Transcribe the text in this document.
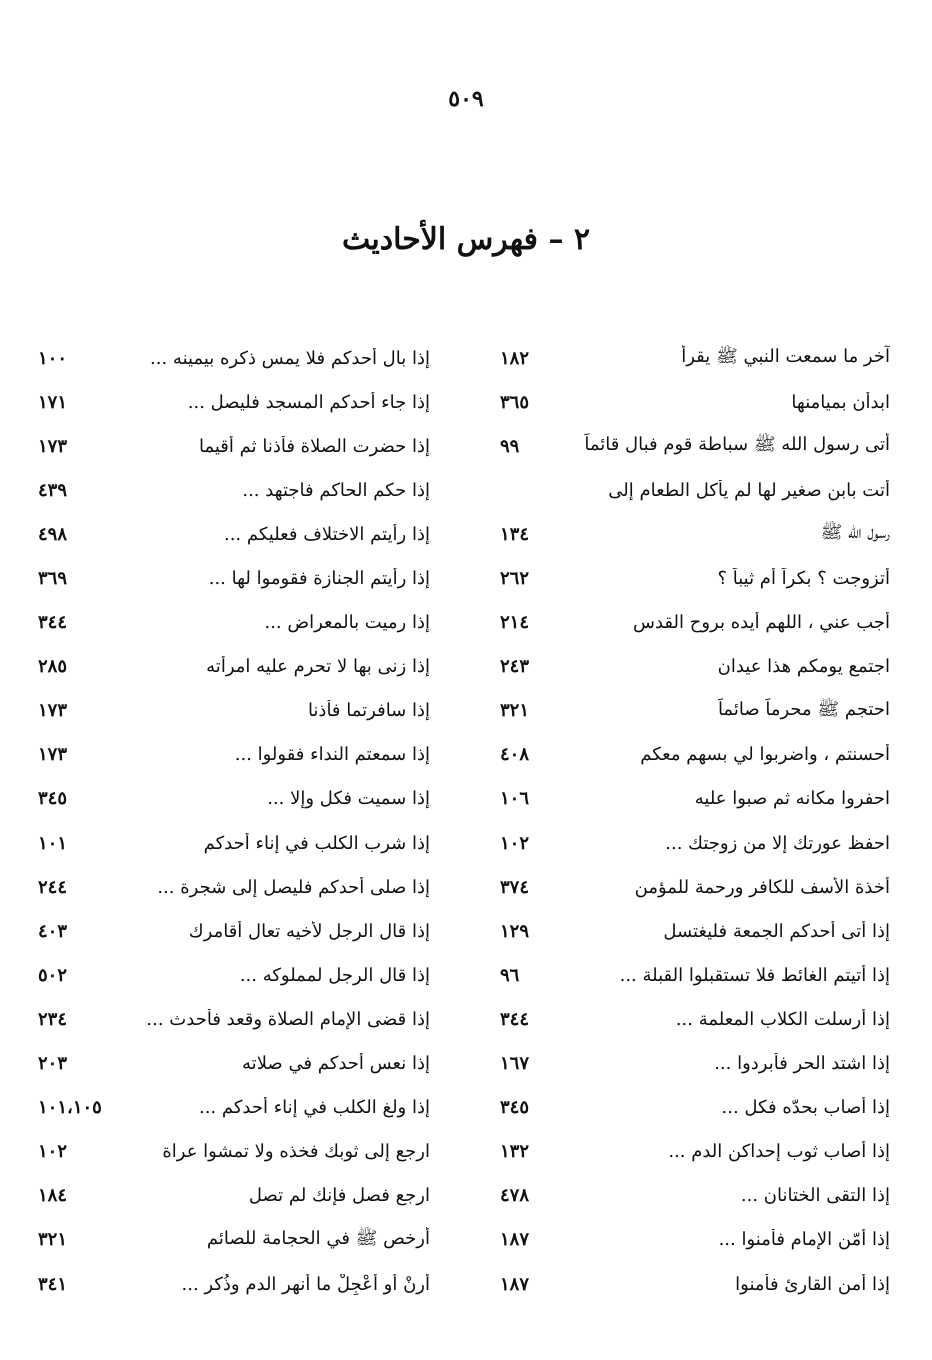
٥٠٩
٢ – فهرس الأحاديث
آخر ما سمعت النبي ﷺ يقرأ
١٨٢
ابدأن بميامنها
٣٦٥
أتى رسول الله ﷺ سباطة قوم فبال قائماً
٩٩
أتت بابن صغير لها لم يأكل الطعام إلى
رسول الله ﷺ
١٣٤
أتزوجت ؟ بكراً أم ثيباً ؟
٢٦٢
أجب عني ، اللهم أيده بروح القدس
٢١٤
اجتمع يومكم هذا عيدان
٢٤٣
احتجم ﷺ محرماً صائماً
٣٢١
أحسنتم ، واضربوا لي بسهم معكم
٤٠٨
احفروا مكانه ثم صبوا عليه
١٠٦
احفظ عورتك إلا من زوجتك ...
١٠٢
أخذة الأسف للكافر ورحمة للمؤمن
٣٧٤
إذا أتى أحدكم الجمعة فليغتسل
١٢٩
إذا أتيتم الغائط فلا تستقبلوا القبلة ...
٩٦
إذا أرسلت الكلاب المعلمة ...
٣٤٤
إذا اشتد الحر فأبردوا ...
١٦٧
إذا أصاب بحدّه فكل ...
٣٤٥
إذا أصاب ثوب إحداكن الدم ...
١٣٢
إذا التقى الختانان ...
٤٧٨
إذا أمّن الإمام فأمنوا ...
١٨٧
إذا أمن القارئ فأمنوا
١٨٧
إذا بال أحدكم فلا يمس ذكره بيمينه ...
١٠٠
إذا جاء أحدكم المسجد فليصل ...
١٧١
إذا حضرت الصلاة فأذنا ثم أقيما
١٧٣
إذا حكم الحاكم فاجتهد ...
٤٣٩
إذا رأيتم الاختلاف فعليكم ...
٤٩٨
إذا رأيتم الجنازة فقوموا لها ...
٣٦٩
إذا رميت بالمعراض ...
٣٤٤
إذا زنى بها لا تحرم عليه امرأته
٢٨٥
إذا سافرتما فأذنا
١٧٣
إذا سمعتم النداء فقولوا ...
١٧٣
إذا سميت فكل وإلا ...
٣٤٥
إذا شرب الكلب في إناء أحدكم
١٠١
إذا صلى أحدكم فليصل إلى شجرة ...
٢٤٤
إذا قال الرجل لأخيه تعال أقامرك
٤٠٣
إذا قال الرجل لمملوكه ...
٥٠٢
إذا قضى الإمام الصلاة وقعد فأحدث ...
٢٣٤
إذا نعس أحدكم في صلاته
٢٠٣
إذا ولغ الكلب في إناء أحدكم ...
١٠١،١٠٥
ارجع إلى ثوبك فخذه ولا تمشوا عراة
١٠٢
ارجع فصل فإنك لم تصل
١٨٤
أرخص ﷺ في الحجامة للصائم
٣٢١
أرِنْ أو أعْجِلْ ما أنهر الدم وذُكر ...
٣٤١
